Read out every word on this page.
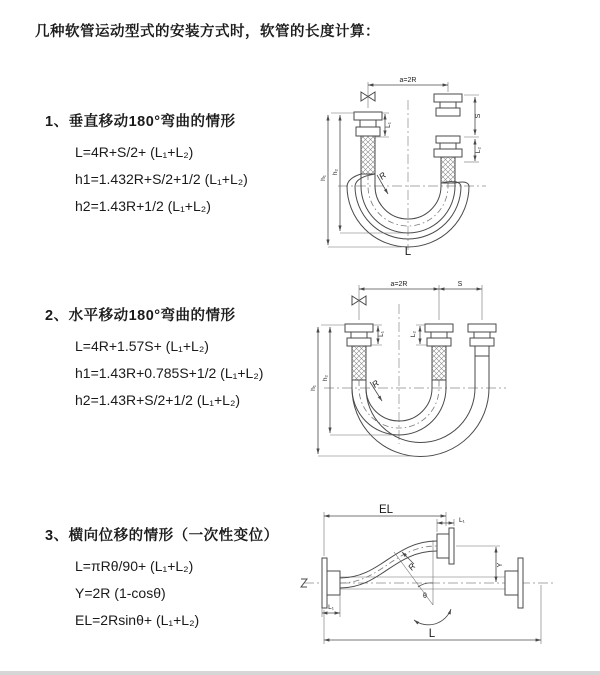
几种软管运动型式的安装方式时，软管的长度计算：

1、垂直移动180°弯曲的情形

L=4R+S/2+ (L₁+L₂)

h1=1.432R+S/2+1/2 (L₁+L₂)

h2=1.43R+1/2 (L₁+L₂)

2、水平移动180°弯曲的情形

L=4R+1.57S+ (L₁+L₂)

h1=1.43R+0.785S+1/2 (L₁+L₂)

h2=1.43R+S/2+1/2 (L₁+L₂)

3、横向位移的情形（一次性变位）

L=πRθ/90+ (L₁+L₂)

Y=2R (1-cosθ)

EL=2Rsinθ+ (L₁+L₂)

a=2R
S
L₂
L₁
h₁
h₂	R
L
a=2R	S
L₁	L₂
h₁
h₂	R
EL
L₁
Y
θ
R
L₁
L
